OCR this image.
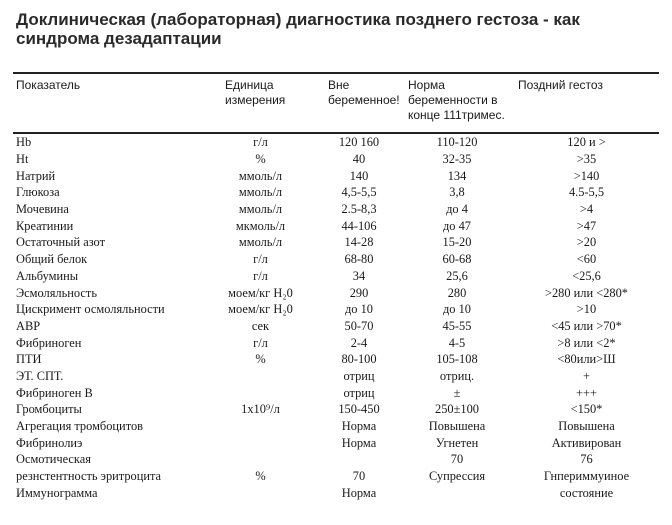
Доклиническая (лабораторная) диагностика позднего гестоза - как синдрома дезадаптации
Показатель	Единица измерения	Вне беременное!	Норма беременности в конце 111тримес.	Поздний гестоз
Нb	г/л	120 160	110-120	120 и >
Ht	%	40	32-35	>35
Натрий	ммоль/л	140	134	>140
Глюкоза	ммоль/л	4,5-5,5	3,8	4.5-5,5
Мочевина	ммоль/л	2.5-8,3	до 4	>4
Креатинии	мкмоль/л	44-106	до 47	>47
Остаточный азот	ммоль/л	14-28	15-20	>20
Общий белок	г/л	68-80	60-68	<60
Альбумины	г/л	34	25,6	<25,6
Эсмоляльность	моем/кг Н₂0	290	280	>280 или <280*
Цискримент осмоляльности	моем/кг Н₂0	до 10	до 10	>10
АВР	сек	50-70	45-55	<45 или >70*
Фибриноген	г/л	2-4	4-5	>8 или <2*
ПТИ	%	80-100	105-108	<80или>Ш
ЭТ. СПТ.		отриц	отриц.	+
Фибриноген В		отриц	±	+++
Громбоциты	1x10⁹/л	150-450	250±100	<150*
Агрегация тромбоцитов		Норма	Повышена	Повышена
Фибринолиэ		Норма	Угнетен	Активирован
Осмотическая			70	76
резнстентность эритроцита	%	70	Супрессия	Гнпериммуиное
Иммунограмма		Норма		состояние
